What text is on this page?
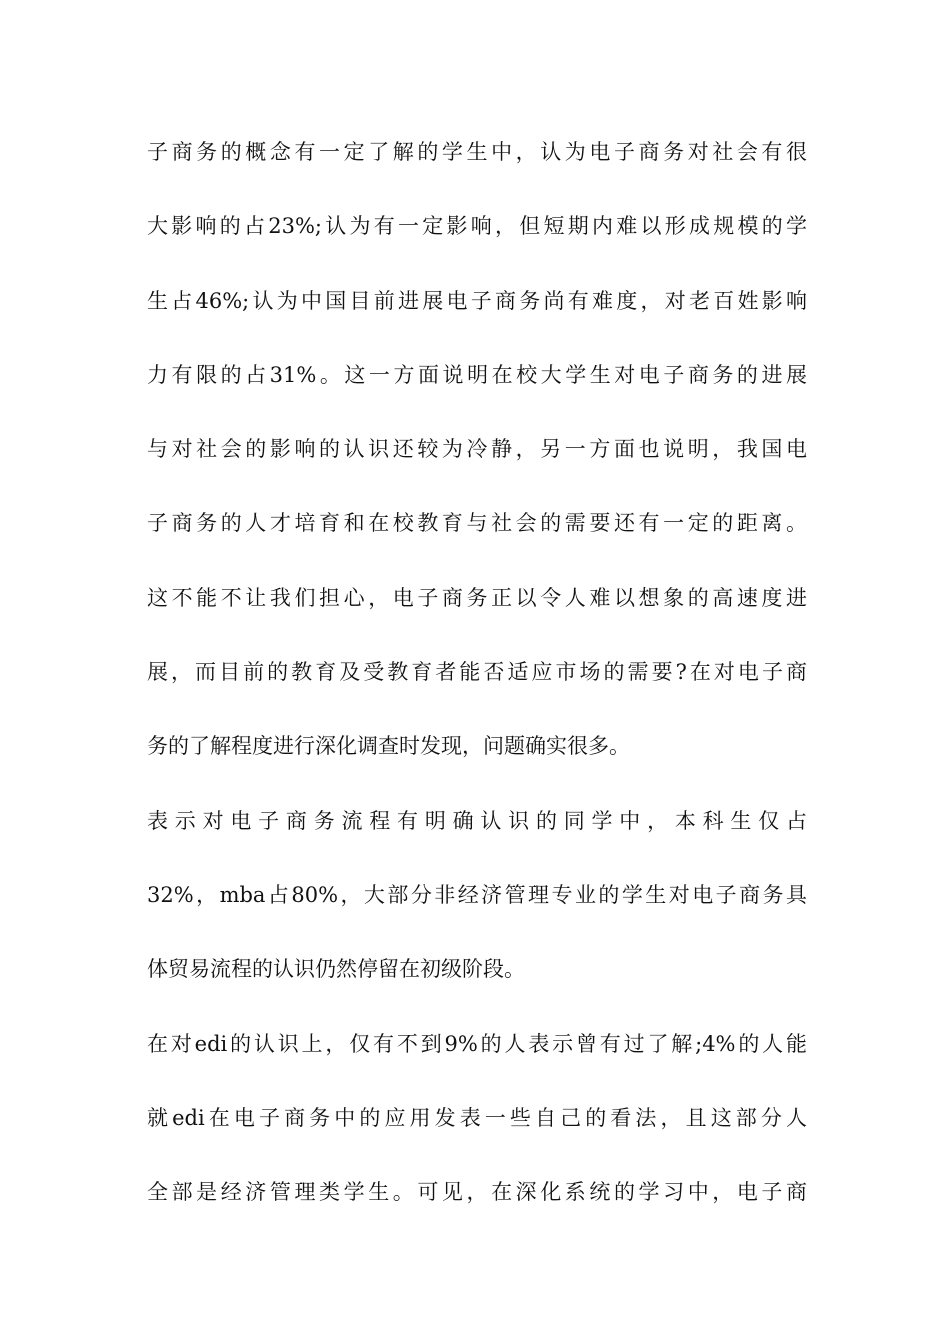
子商务的概念有一定了解的学生中，认为电子商务对社会有很
大影响的占23%;认为有一定影响，但短期内难以形成规模的学
生占46%;认为中国目前进展电子商务尚有难度，对老百姓影响
力有限的占31%。这一方面说明在校大学生对电子商务的进展
与对社会的影响的认识还较为冷静，另一方面也说明，我国电
子商务的人才培育和在校教育与社会的需要还有一定的距离。
这不能不让我们担心，电子商务正以令人难以想象的高速度进
展，而目前的教育及受教育者能否适应市场的需要?在对电子商
务的了解程度进行深化调查时发现，问题确实很多。
表示对电子商务流程有明确认识的同学中，本科生仅占
32%，mba占80%，大部分非经济管理专业的学生对电子商务具
体贸易流程的认识仍然停留在初级阶段。
在对edi的认识上，仅有不到9%的人表示曾有过了解;4%的人能
就edi在电子商务中的应用发表一些自己的看法，且这部分人
全部是经济管理类学生。可见，在深化系统的学习中，电子商
